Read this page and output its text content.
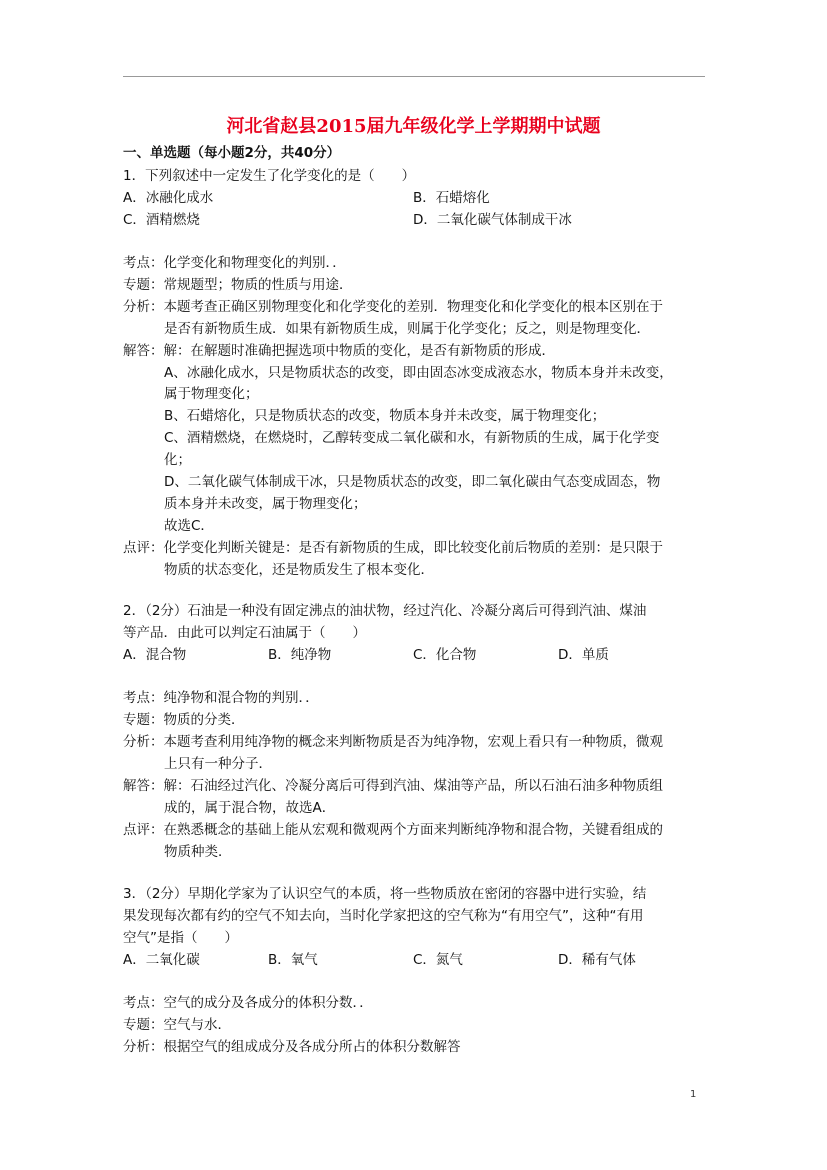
河北省赵县2015届九年级化学上学期期中试题
一、单选题（每小题2分，共40分）
1．下列叙述中一定发生了化学变化的是（　　）
A．冰融化成水	B．石蜡熔化
C．酒精燃烧	D．二氧化碳气体制成干冰
考点：化学变化和物理变化的判别．．
专题：常规题型；物质的性质与用途．
分析：本题考查正确区别物理变化和化学变化的差别．物理变化和化学变化的根本区别在于
是否有新物质生成．如果有新物质生成，则属于化学变化；反之，则是物理变化．
解答：解：在解题时准确把握选项中物质的变化，是否有新物质的形成．
A、冰融化成水，只是物质状态的改变，即由固态冰变成液态水，物质本身并未改变，
属于物理变化；
B、石蜡熔化，只是物质状态的改变，物质本身并未改变，属于物理变化；
C、酒精燃烧，在燃烧时，乙醇转变成二氧化碳和水，有新物质的生成，属于化学变
化；
D、二氧化碳气体制成干冰，只是物质状态的改变，即二氧化碳由气态变成固态，物
质本身并未改变，属于物理变化；
故选C．
点评：化学变化判断关键是：是否有新物质的生成，即比较变化前后物质的差别：是只限于
物质的状态变化，还是物质发生了根本变化．
2．（2分）石油是一种没有固定沸点的油状物，经过汽化、冷凝分离后可得到汽油、煤油
等产品．由此可以判定石油属于（　　）
A．混合物	B．纯净物	C．化合物	D．单质
考点：纯净物和混合物的判别．．
专题：物质的分类．
分析：本题考查利用纯净物的概念来判断物质是否为纯净物，宏观上看只有一种物质，微观
上只有一种分子．
解答：解：石油经过汽化、冷凝分离后可得到汽油、煤油等产品，所以石油石油多种物质组
成的，属于混合物，故选A．
点评：在熟悉概念的基础上能从宏观和微观两个方面来判断纯净物和混合物，关键看组成的
物质种类．
3．（2分）早期化学家为了认识空气的本质，将一些物质放在密闭的容器中进行实验，结
果发现每次都有约的空气不知去向，当时化学家把这的空气称为“有用空气”，这种“有用
空气”是指（　　）
A．二氧化碳	B．氧气	C．氮气	D．稀有气体
考点：空气的成分及各成分的体积分数．．
专题：空气与水．
分析：根据空气的组成成分及各成分所占的体积分数解答
1
